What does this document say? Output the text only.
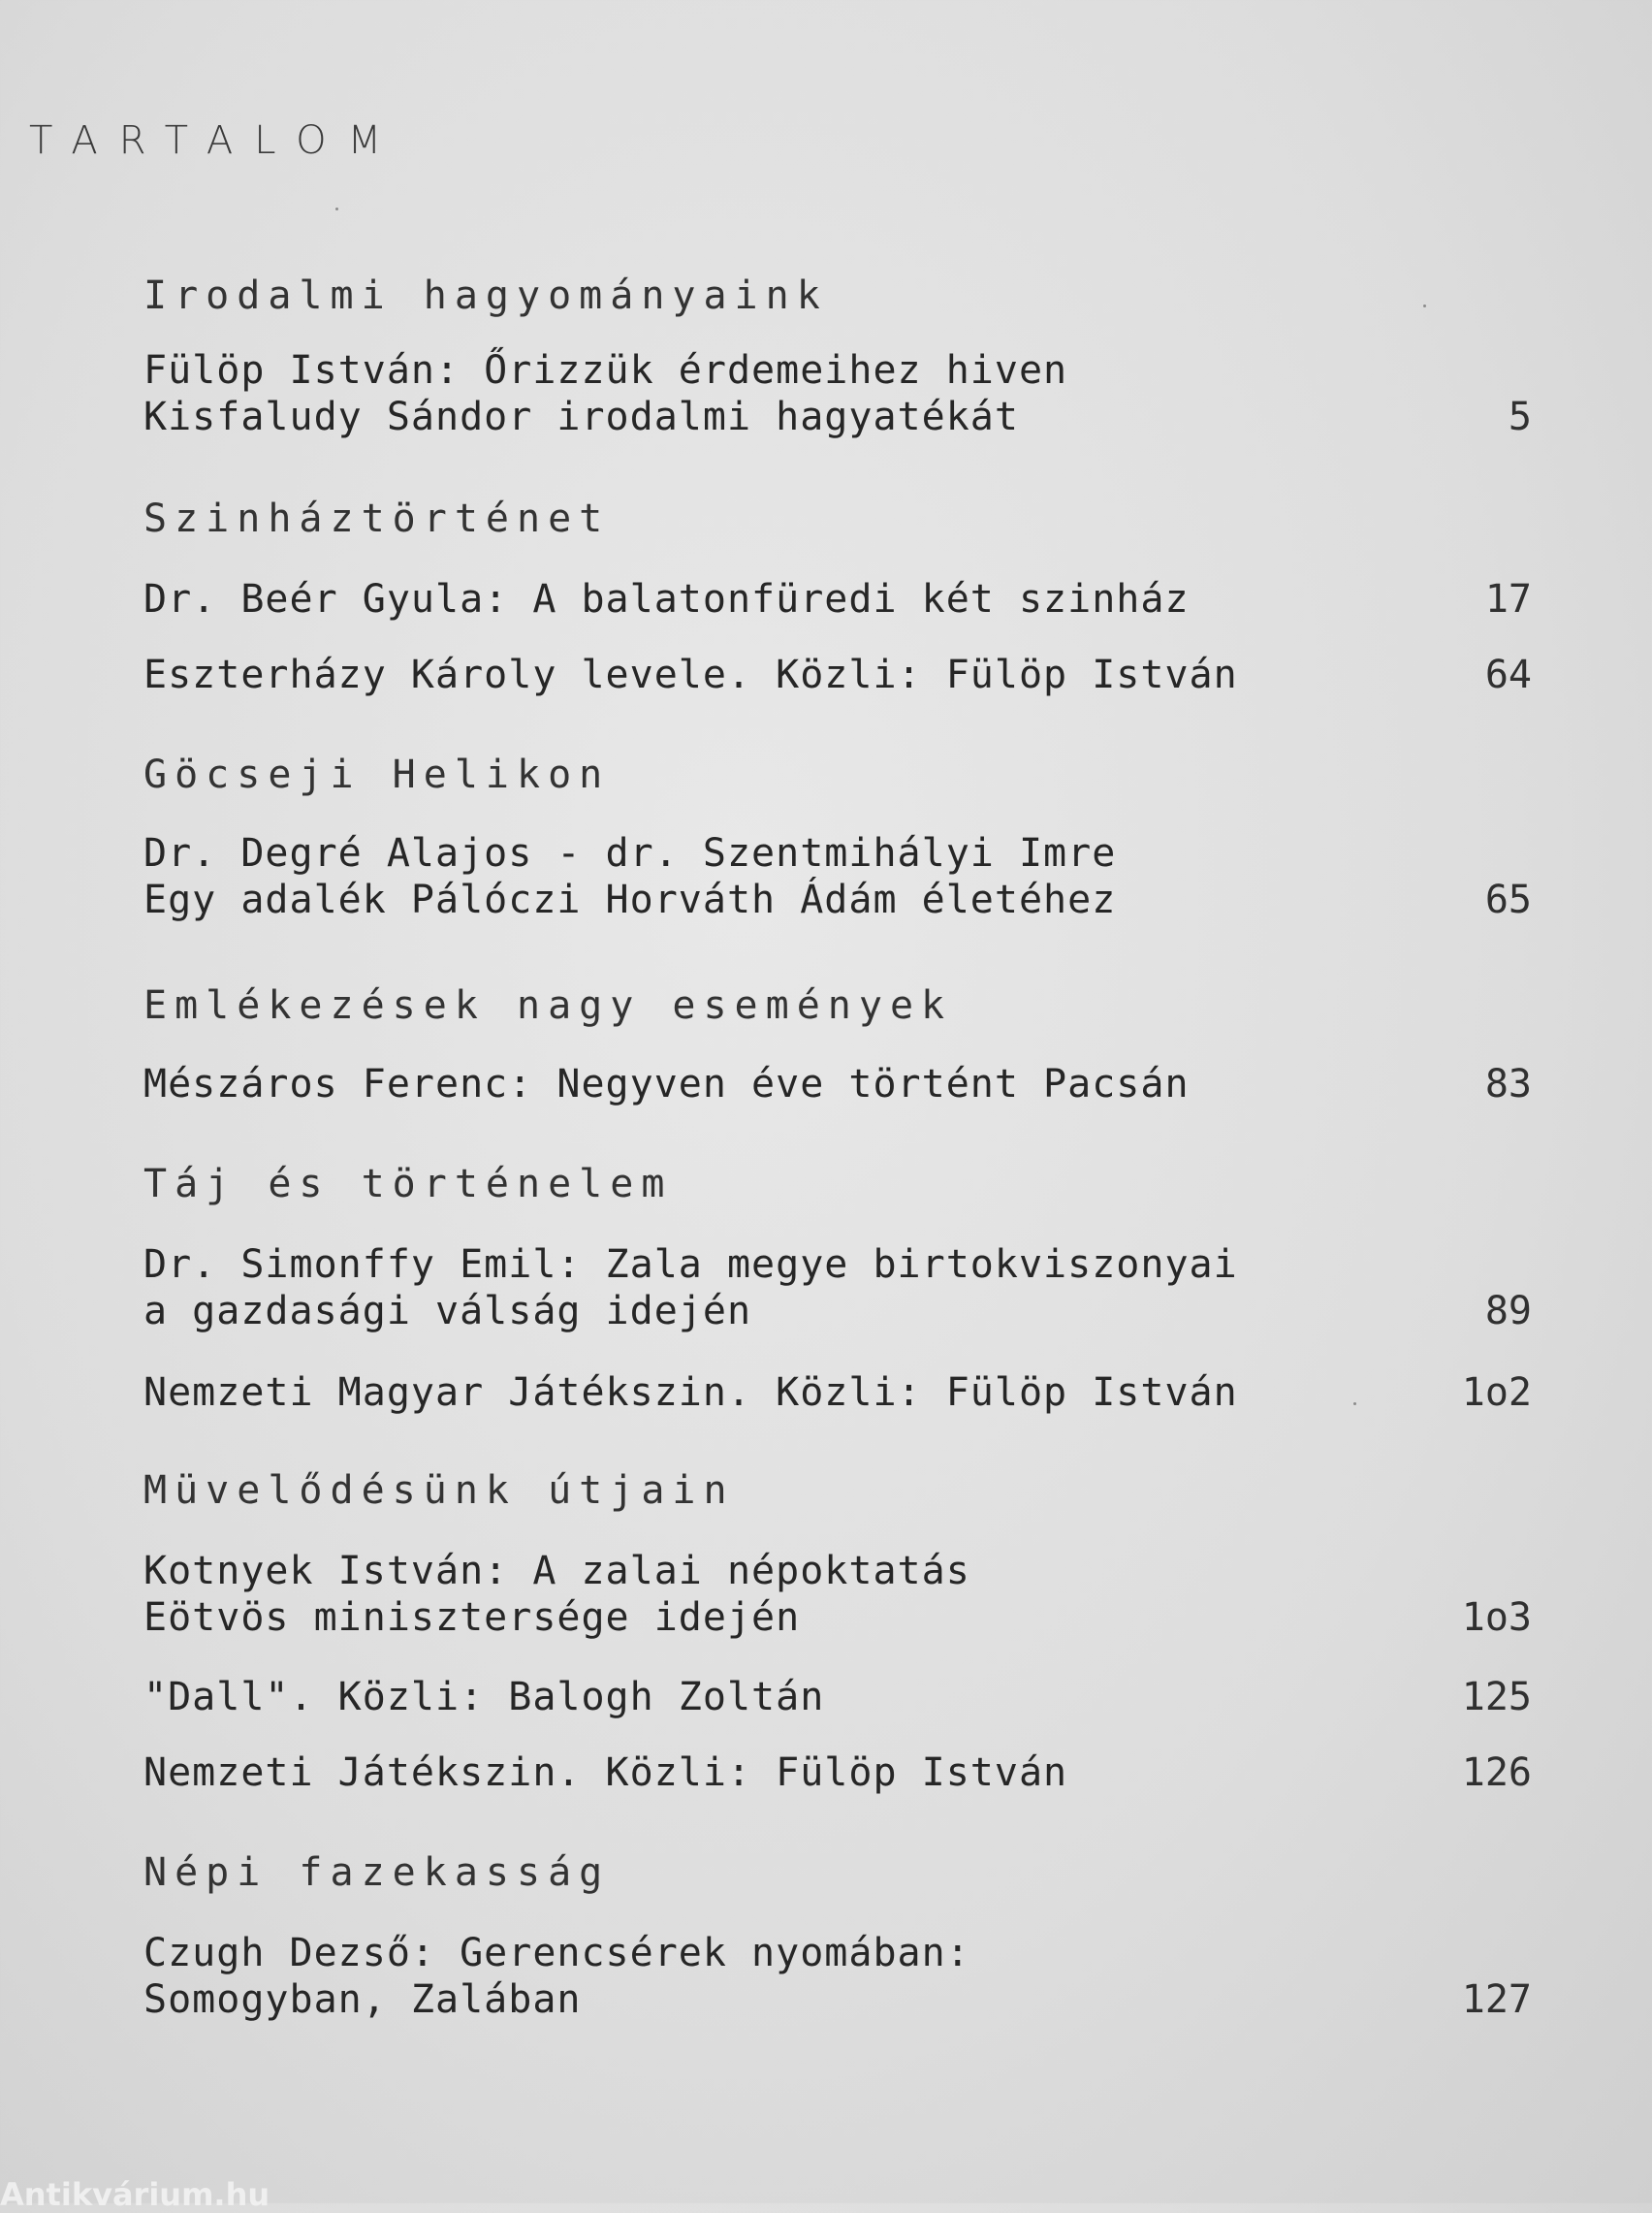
TARTALOM
Irodalmi hagyományaink
Fülöp István: Őrizzük érdemeihez hiven
Kisfaludy Sándor irodalmi hagyatékát	5
Szinháztörténet
Dr. Beér Gyula: A balatonfüredi két szinház	17
Eszterházy Károly levele. Közli: Fülöp István	64
Göcseji Helikon
Dr. Degré Alajos - dr. Szentmihályi Imre
Egy adalék Pálóczi Horváth Ádám életéhez	65
Emlékezések nagy események
Mészáros Ferenc: Negyven éve történt Pacsán	83
Táj és történelem
Dr. Simonffy Emil: Zala megye birtokviszonyai
a gazdasági válság idején	89
Nemzeti Magyar Játékszin. Közli: Fülöp István	1o2
Müvelődésünk útjain
Kotnyek István: A zalai népoktatás
Eötvös minisztersége idején	1o3
"Dall". Közli: Balogh Zoltán	125
Nemzeti Játékszin. Közli: Fülöp István	126
Népi fazekasság
Czugh Dezső: Gerencsérek nyomában:
Somogyban, Zalában	127
Antikvárium.hu
